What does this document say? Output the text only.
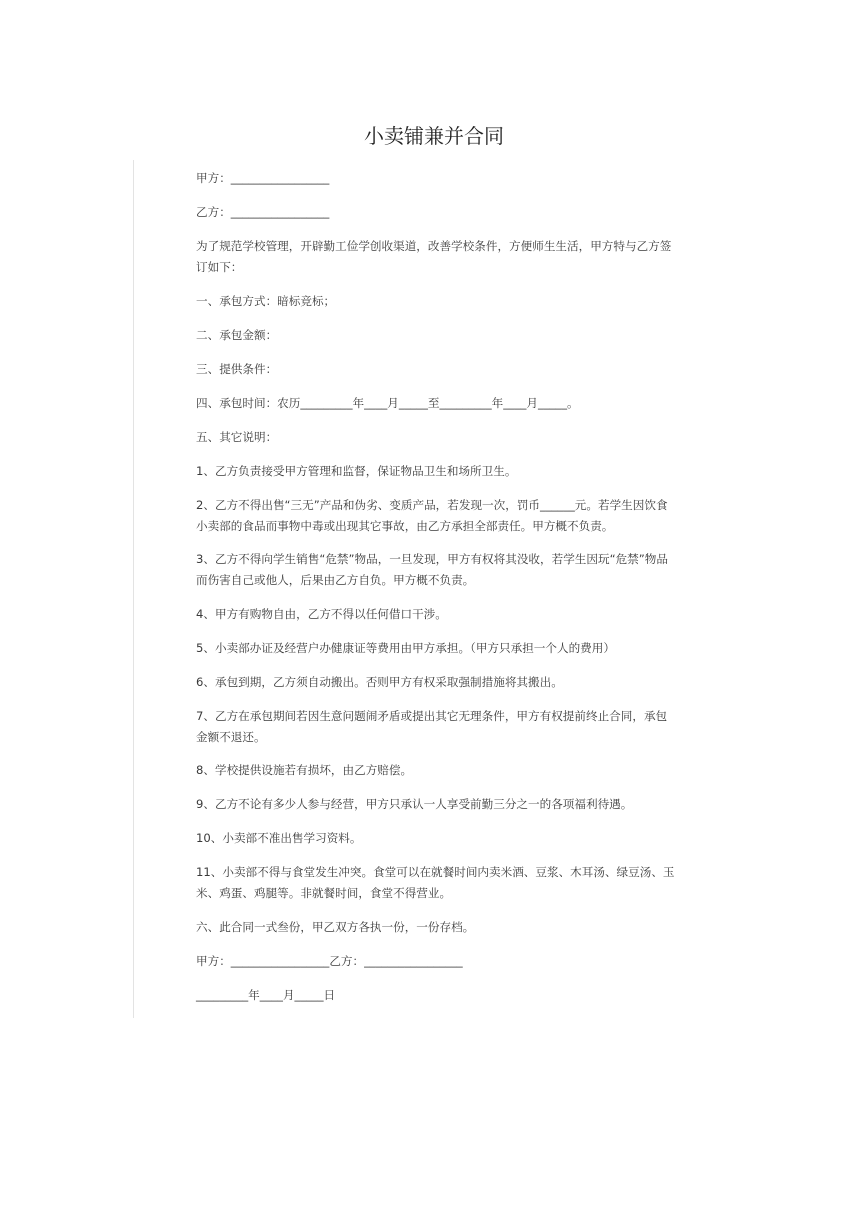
小卖铺兼并合同

甲方：_________________

乙方：_________________

为了规范学校管理，开辟勤工俭学创收渠道，改善学校条件，方便师生生活，甲方特与乙方签订如下：

一、承包方式：暗标竞标；

二、承包金额：

三、提供条件：

四、承包时间：农历_________年____月_____至_________年____月_____。

五、其它说明：

1、乙方负责接受甲方管理和监督，保证物品卫生和场所卫生。

2、乙方不得出售“三无”产品和伪劣、变质产品，若发现一次，罚币______元。若学生因饮食小卖部的食品而事物中毒或出现其它事故，由乙方承担全部责任。甲方概不负责。

3、乙方不得向学生销售“危禁”物品，一旦发现，甲方有权将其没收，若学生因玩“危禁”物品而伤害自己或他人，后果由乙方自负。甲方概不负责。

4、甲方有购物自由，乙方不得以任何借口干涉。

5、小卖部办证及经营户办健康证等费用由甲方承担。（甲方只承担一个人的费用）

6、承包到期，乙方须自动搬出。否则甲方有权采取强制措施将其搬出。

7、乙方在承包期间若因生意问题闹矛盾或提出其它无理条件，甲方有权提前终止合同，承包金额不退还。

8、学校提供设施若有损坏，由乙方赔偿。

9、乙方不论有多少人参与经营，甲方只承认一人享受前勤三分之一的各项福利待遇。

10、小卖部不准出售学习资料。

11、小卖部不得与食堂发生冲突。食堂可以在就餐时间内卖米酒、豆浆、木耳汤、绿豆汤、玉米、鸡蛋、鸡腿等。非就餐时间，食堂不得营业。

六、此合同一式叁份，甲乙双方各执一份，一份存档。

甲方：_________________乙方：_________________

_________年____月_____日
